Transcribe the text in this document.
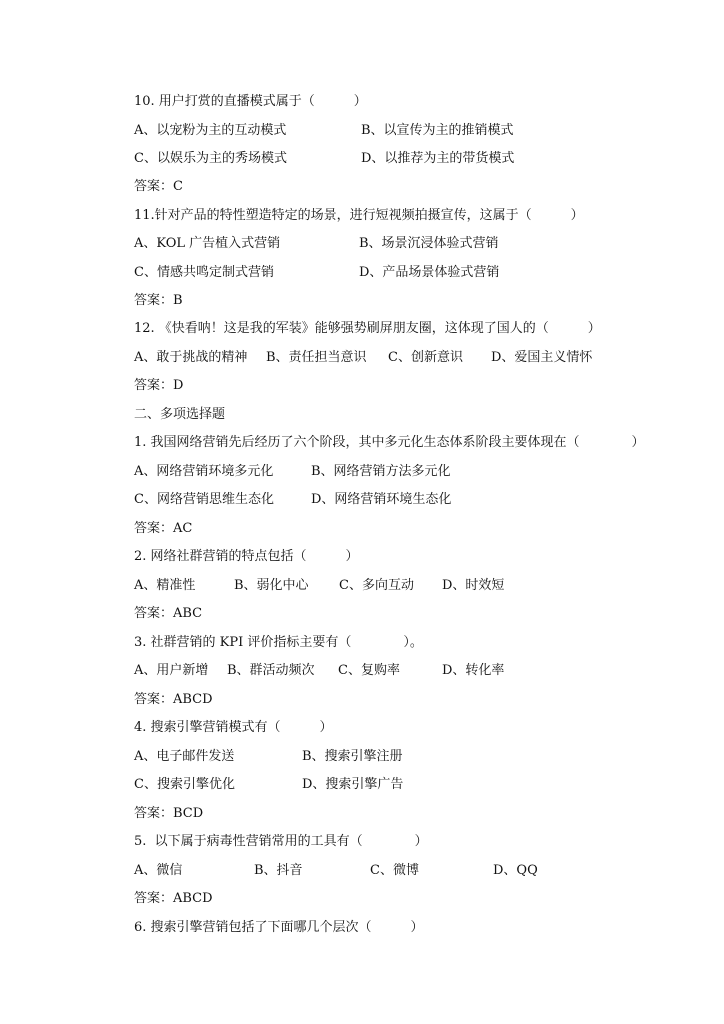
10. 用户打赏的直播模式属于（　　　）
A、以宠粉为主的互动模式	B、以宣传为主的推销模式
C、以娱乐为主的秀场模式	D、以推荐为主的带货模式
答案：C
11.针对产品的特性塑造特定的场景，进行短视频拍摄宣传，这属于（　　　）
A、KOL 广告植入式营销	B、场景沉浸体验式营销
C、情感共鸣定制式营销	D、产品场景体验式营销
答案：B
12. 《快看呐！这是我的军装》能够强势刷屏朋友圈，这体现了国人的（　　　）
A、敢于挑战的精神 B、责任担当意识 C、创新意识 D、爱国主义情怀
答案：D
二、多项选择题
1. 我国网络营销先后经历了六个阶段，其中多元化生态体系阶段主要体现在（　　　　）
A、网络营销环境多元化	B、网络营销方法多元化
C、网络营销思维生态化	D、网络营销环境生态化
答案：AC
2. 网络社群营销的特点包括（　　　）
A、精准性	B、弱化中心 C、多向互动 D、时效短
答案：ABC
3. 社群营销的 KPI 评价指标主要有（　　　　）。
A、用户新增 B、群活动频次 C、复购率	D、转化率
答案：ABCD
4. 搜索引擎营销模式有（　　　）
A、电子邮件发送	B、搜索引擎注册
C、搜索引擎优化	D、搜索引擎广告
答案：BCD
5.  以下属于病毒性营销常用的工具有（　　　　）
A、微信	B、抖音	C、微博	D、QQ
答案：ABCD
6. 搜索引擎营销包括了下面哪几个层次（　　　）
